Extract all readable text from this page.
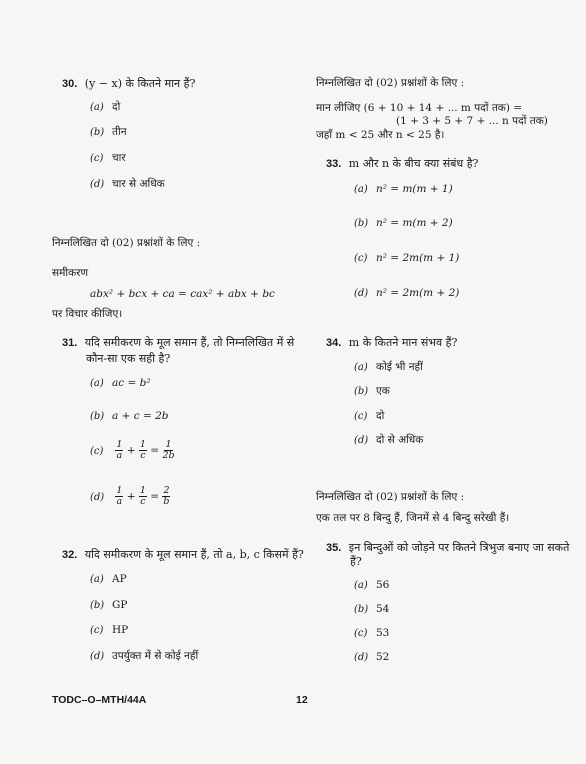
30. (y − x) के कितने मान हैं?
(a) दो
(b) तीन
(c) चार
(d) चार से अधिक
निम्नलिखित दो (02) प्रश्नांशों के लिए :
समीकरण
abx² + bcx + ca = cax² + abx + bc
पर विचार कीजिए।
31. यदि समीकरण के मूल समान हैं, तो निम्नलिखित में से
कौन-सा एक सही है?
(a) ac = b²
(b) a + c = 2b
$(c) \frac{1}{a} + \frac{1}{c} = \frac{1}{2b}$
$(d) \frac{1}{a} + \frac{1}{c} = \frac{2}{b}$
32. यदि समीकरण के मूल समान हैं, तो a, b, c किसमें हैं?
(a) AP
(b) GP
(c) HP
(d) उपर्युक्त में से कोई नहीं
निम्नलिखित दो (02) प्रश्नांशों के लिए :
मान लीजिए (6 + 10 + 14 + ... m पदों तक) =
(1 + 3 + 5 + 7 + ... n पदों तक)
जहाँ m < 25 और n < 25 है।
33. m और n के बीच क्या संबंध है?
(a) n² = m(m + 1)
(b) n² = m(m + 2)
(c) n² = 2m(m + 1)
(d) n² = 2m(m + 2)
34. m के कितने मान संभव हैं?
(a) कोई भी नहीं
(b) एक
(c) दो
(d) दो से अधिक
निम्नलिखित दो (02) प्रश्नांशों के लिए :
एक तल पर 8 बिन्दु हैं, जिनमें से 4 बिन्दु सरेखी हैं।
35. इन बिन्दुओं को जोड़ने पर कितने त्रिभुज बनाए जा सकते
हैं?
(a) 56
(b) 54
(c) 53
(d) 52
TODC–O–MTH/44A	12
